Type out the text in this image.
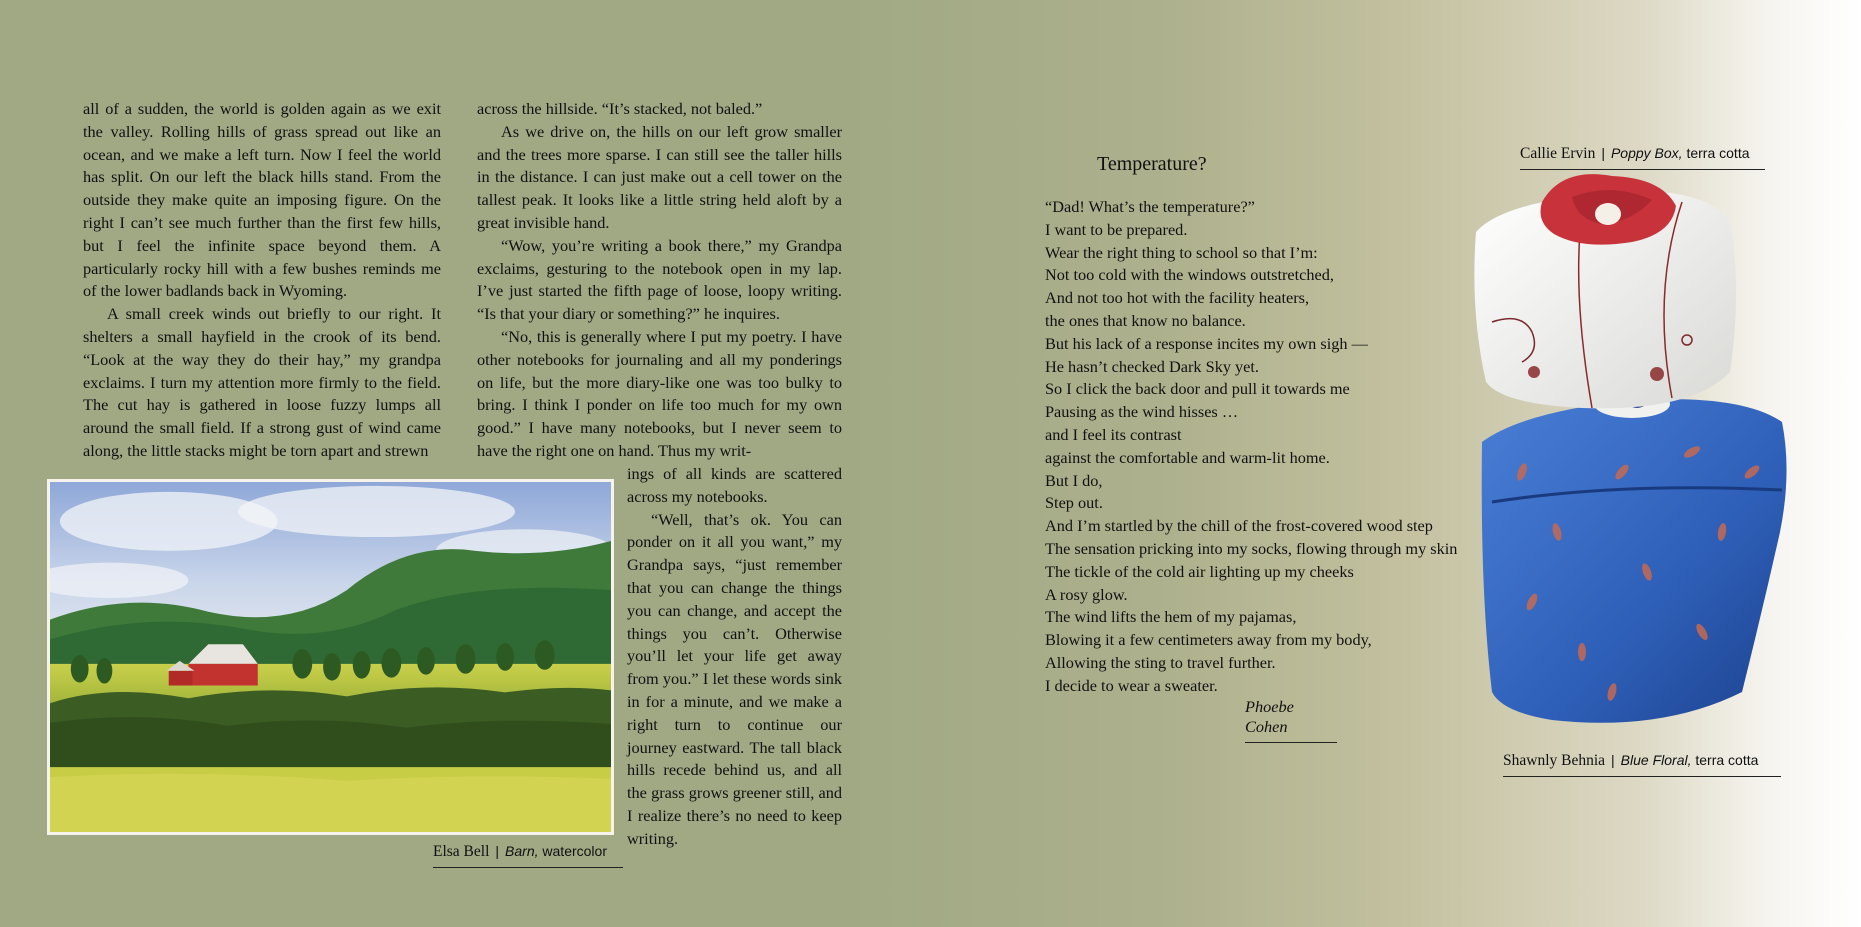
all of a sudden, the world is golden again as we exit the valley. Rolling hills of grass spread out like an ocean, and we make a left turn. Now I feel the world has split. On our left the black hills stand. From the outside they make quite an imposing figure. On the right I can’t see much further than the first few hills, but I feel the infinite space beyond them. A particularly rocky hill with a few bushes reminds me of the lower badlands back in Wyoming.

A small creek winds out briefly to our right. It shelters a small hayfield in the crook of its bend. “Look at the way they do their hay,” my grandpa exclaims. I turn my attention more firmly to the field. The cut hay is gathered in loose fuzzy lumps all around the small field. If a strong gust of wind came along, the little stacks might be torn apart and strewn

across the hillside. “It’s stacked, not baled.”

As we drive on, the hills on our left grow smaller and the trees more sparse. I can still see the taller hills in the distance. I can just make out a cell tower on the tallest peak. It looks like a little string held aloft by a great invisible hand.

“Wow, you’re writing a book there,” my Grandpa exclaims, gesturing to the notebook open in my lap. I’ve just started the fifth page of loose, loopy writing. “Is that your diary or something?” he inquires.

“No, this is generally where I put my poetry. I have other notebooks for journaling and all my ponderings on life, but the more diary-like one was too bulky to bring. I think I ponder on life too much for my own good.” I have many notebooks, but I never seem to have the right one on hand. Thus my writ-

ings of all kinds are scattered across my notebooks.

“Well, that’s ok. You can ponder on it all you want,” my Grandpa says, “just remember that you can change the things you can change, and accept the things you can’t. Otherwise you’ll let your life get away from you.” I let these words sink in for a minute, and we make a right turn to continue our journey eastward. The tall black hills recede behind us, and all the grass grows greener still, and I realize there’s no need to keep writing.

Elsa Bell | Barn, watercolor
Temperature?
“Dad! What’s the temperature?”
I want to be prepared.
Wear the right thing to school so that I’m:
Not too cold with the windows outstretched,
And not too hot with the facility heaters,
the ones that know no balance.
But his lack of a response incites my own sigh —
He hasn’t checked Dark Sky yet.
So I click the back door and pull it towards me
Pausing as the wind hisses …
and I feel its contrast
against the comfortable and warm-lit home.
But I do,
Step out.
And I’m startled by the chill of the frost-covered wood step
The sensation pricking into my socks, flowing through my skin
The tickle of the cold air lighting up my cheeks
A rosy glow.
The wind lifts the hem of my pajamas,
Blowing it a few centimeters away from my body,
Allowing the sting to travel further.
I decide to wear a sweater.
Phoebe Cohen
Callie Ervin | Poppy Box, terra cotta
Shawnly Behnia | Blue Floral, terra cotta
